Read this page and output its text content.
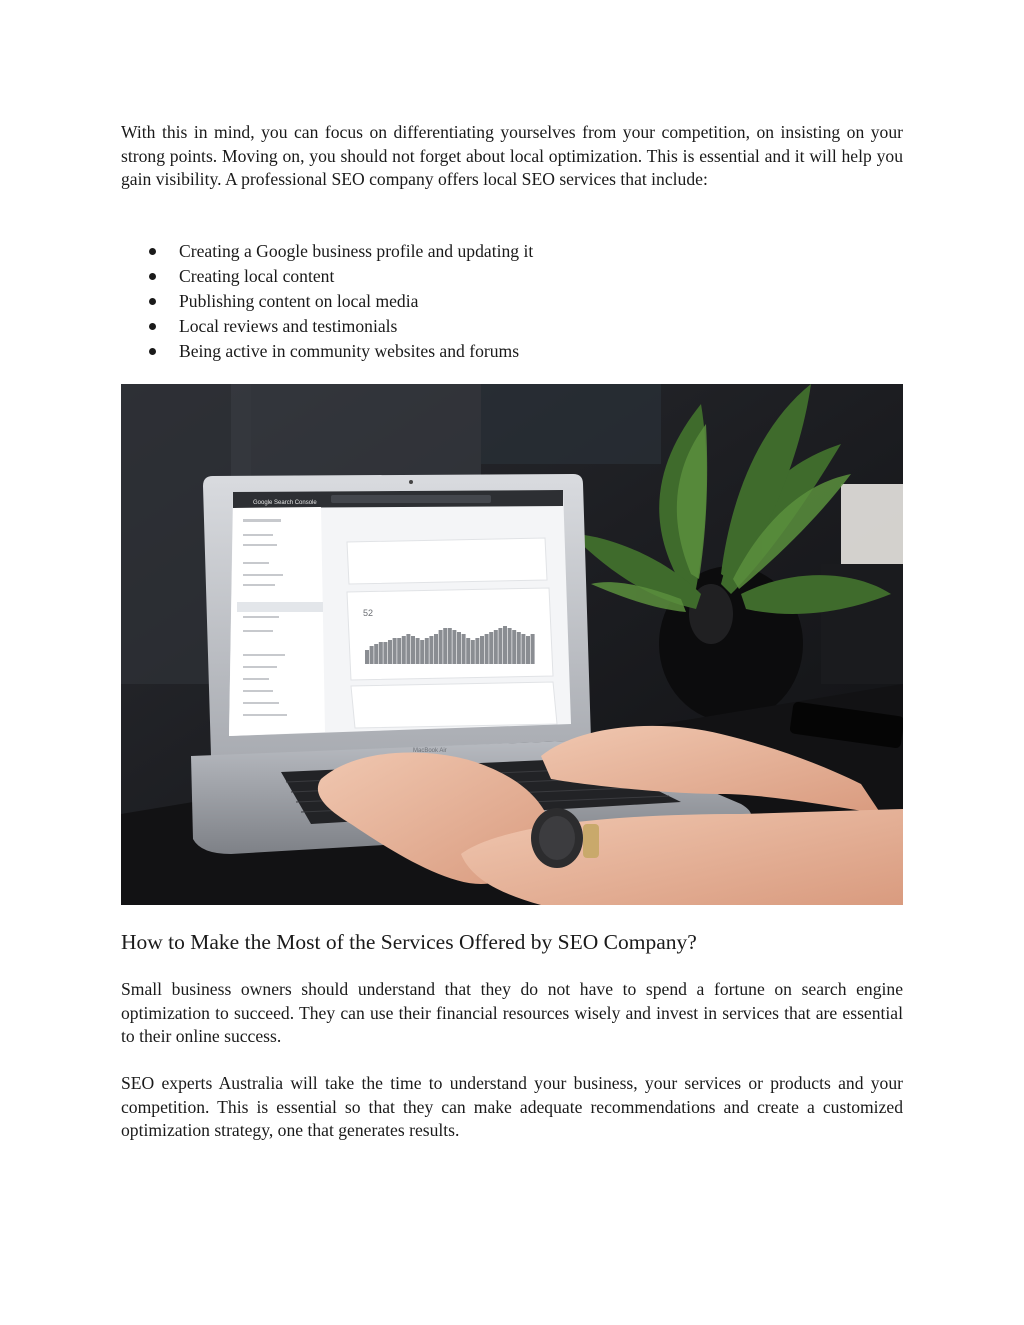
With this in mind, you can focus on differentiating yourselves from your competition, on insisting on your strong points. Moving on, you should not forget about local optimization. This is essential and it will help you gain visibility. A professional SEO company offers local SEO services that include:

Creating a Google business profile and updating it
Creating local content
Publishing content on local media
Local reviews and testimonials
Being active in community websites and forums
Google Search Console
52
MacBook Air
How to Make the Most of the Services Offered by SEO Company?

Small business owners should understand that they do not have to spend a fortune on search engine optimization to succeed. They can use their financial resources wisely and invest in services that are essential to their online success.

SEO experts Australia will take the time to understand your business, your services or products and your competition. This is essential so that they can make adequate recommendations and create a customized optimization strategy, one that generates results.
